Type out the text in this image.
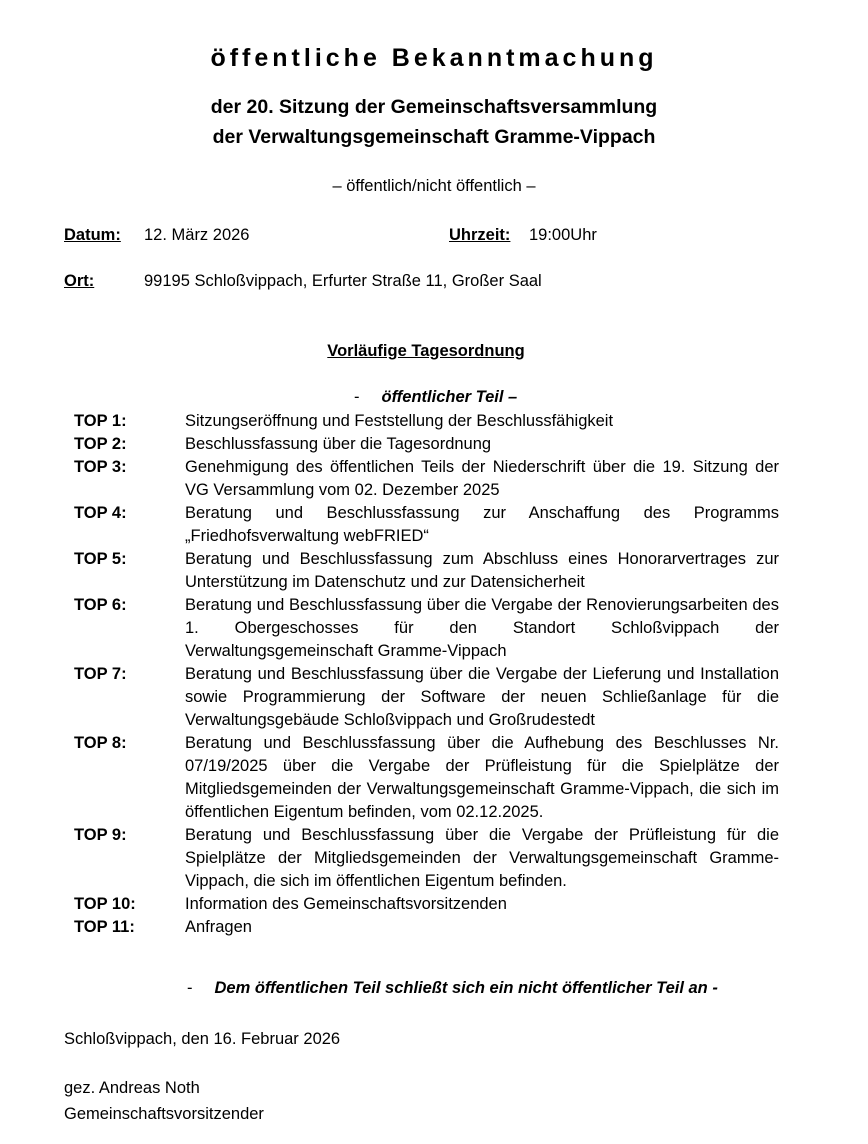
öffentliche Bekanntmachung
der 20. Sitzung der Gemeinschaftsversammlung
der Verwaltungsgemeinschaft Gramme-Vippach
– öffentlich/nicht öffentlich –
Datum: 12. März 2026	Uhrzeit: 19:00Uhr
Ort:	99195 Schloßvippach, Erfurter Straße 11, Großer Saal
Vorläufige Tagesordnung
- öffentlicher Teil –
TOP 1:	Sitzungseröffnung und Feststellung der Beschlussfähigkeit
TOP 2:	Beschlussfassung über die Tagesordnung
TOP 3:	Genehmigung des öffentlichen Teils der Niederschrift über die 19. Sitzung der VG Versammlung vom 02. Dezember 2025
TOP 4:	Beratung und Beschlussfassung zur Anschaffung des Programms „Friedhofsverwaltung webFRIED“
TOP 5:	Beratung und Beschlussfassung zum Abschluss eines Honorarvertrages zur Unterstützung im Datenschutz und zur Datensicherheit
TOP 6:	Beratung und Beschlussfassung über die Vergabe der Renovierungsarbeiten des 1. Obergeschosses für den Standort Schloßvippach der Verwaltungsgemeinschaft Gramme-Vippach
TOP 7:	Beratung und Beschlussfassung über die Vergabe der Lieferung und Installation sowie Programmierung der Software der neuen Schließanlage für die Verwaltungsgebäude Schloßvippach und Großrudestedt
TOP 8:	Beratung und Beschlussfassung über die Aufhebung des Beschlusses Nr. 07/19/2025 über die Vergabe der Prüfleistung für die Spielplätze der Mitgliedsgemeinden der Verwaltungsgemeinschaft Gramme-Vippach, die sich im öffentlichen Eigentum befinden, vom 02.12.2025.
TOP 9:	Beratung und Beschlussfassung über die Vergabe der Prüfleistung für die Spielplätze der Mitgliedsgemeinden der Verwaltungsgemeinschaft Gramme-Vippach, die sich im öffentlichen Eigentum befinden.
TOP 10:	Information des Gemeinschaftsvorsitzenden
TOP 11:	Anfragen
- Dem öffentlichen Teil schließt sich ein nicht öffentlicher Teil an -
Schloßvippach, den 16. Februar 2026
gez. Andreas Noth
Gemeinschaftsvorsitzender
